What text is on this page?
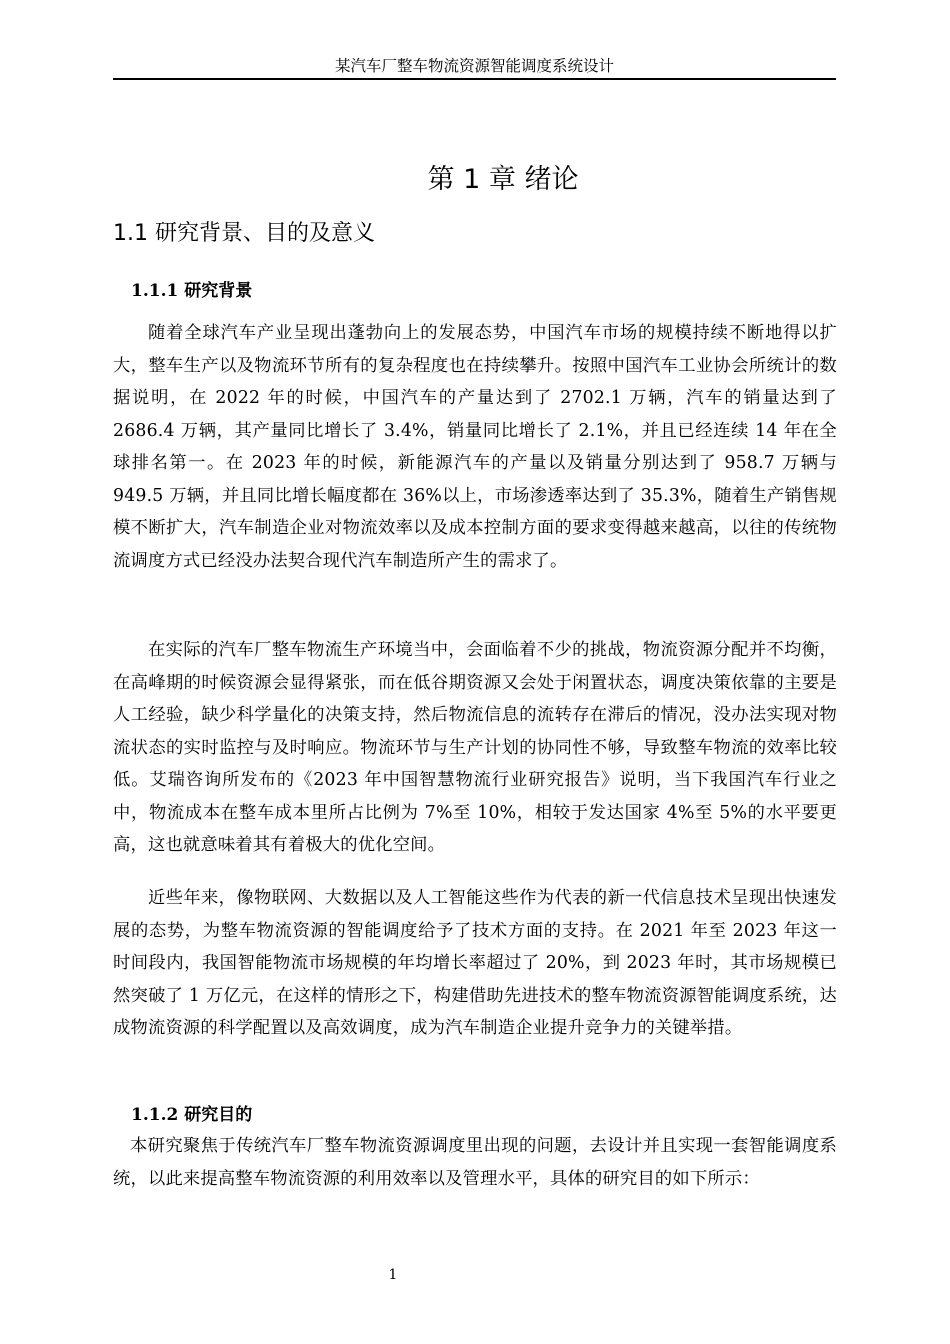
某汽车厂整车物流资源智能调度系统设计
第 1 章 绪论
1.1 研究背景、目的及意义
1.1.1 研究背景
随着全球汽车产业呈现出蓬勃向上的发展态势，中国汽车市场的规模持续不断地得以扩大，整车生产以及物流环节所有的复杂程度也在持续攀升。按照中国汽车工业协会所统计的数据说明，在 2022 年的时候，中国汽车的产量达到了 2702.1 万辆，汽车的销量达到了 2686.4 万辆，其产量同比增长了 3.4%，销量同比增长了 2.1%，并且已经连续 14 年在全球排名第一。在 2023 年的时候，新能源汽车的产量以及销量分别达到了 958.7 万辆与 949.5 万辆，并且同比增长幅度都在 36%以上，市场渗透率达到了 35.3%，随着生产销售规模不断扩大，汽车制造企业对物流效率以及成本控制方面的要求变得越来越高，以往的传统物流调度方式已经没办法契合现代汽车制造所产生的需求了。
在实际的汽车厂整车物流生产环境当中，会面临着不少的挑战，物流资源分配并不均衡，在高峰期的时候资源会显得紧张，而在低谷期资源又会处于闲置状态，调度决策依靠的主要是人工经验，缺少科学量化的决策支持，然后物流信息的流转存在滞后的情况，没办法实现对物流状态的实时监控与及时响应。物流环节与生产计划的协同性不够，导致整车物流的效率比较低。艾瑞咨询所发布的《2023 年中国智慧物流行业研究报告》说明，当下我国汽车行业之中，物流成本在整车成本里所占比例为 7%至 10%，相较于发达国家 4%至 5%的水平要更高，这也就意味着其有着极大的优化空间。
近些年来，像物联网、大数据以及人工智能这些作为代表的新一代信息技术呈现出快速发展的态势，为整车物流资源的智能调度给予了技术方面的支持。在 2021 年至 2023 年这一时间段内，我国智能物流市场规模的年均增长率超过了 20%，到 2023 年时，其市场规模已然突破了 1 万亿元，在这样的情形之下，构建借助先进技术的整车物流资源智能调度系统，达成物流资源的科学配置以及高效调度，成为汽车制造企业提升竞争力的关键举措。
1.1.2 研究目的
本研究聚焦于传统汽车厂整车物流资源调度里出现的问题，去设计并且实现一套智能调度系统，以此来提高整车物流资源的利用效率以及管理水平，具体的研究目的如下所示：
1
